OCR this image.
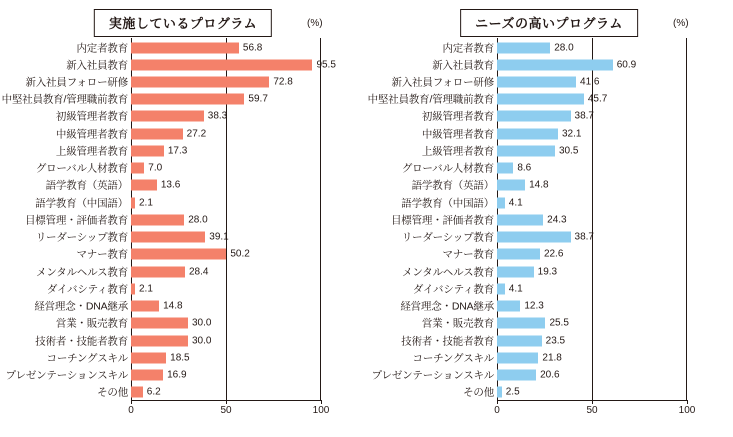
実施しているプログラム	(%)
0	50	100
内定者教育	56.8
新入社員教育	95.5
新入社員フォロー研修	72.8
中堅社員教育/管理職前教育	59.7
初級管理者教育	38.3
中級管理者教育	27.2
上級管理者教育	17.3
グローバル人材教育 7.0
語学教育（英語）	13.6
語学教育（中国語） 2.1
目標管理・評価者教育	28.0
リーダーシップ教育	39.1
マナー教育	50.2
メンタルヘルス教育	28.4
ダイバシティ教育 2.1
経営理念・DNA継承	14.8
営業・販売教育	30.0
技術者・技能者教育	30.0
コーチングスキル	18.5
プレゼンテーションスキル	16.9
その他 6.2
ニーズの高いプログラム	(%)
0	50	100
内定者教育	28.0
新入社員教育	60.9
新入社員フォロー研修	41.6
中堅社員教育/管理職前教育	45.7
初級管理者教育	38.7
中級管理者教育	32.1
上級管理者教育	30.5
グローバル人材教育 8.6
語学教育（英語）	14.8
語学教育（中国語） 4.1
目標管理・評価者教育	24.3
リーダーシップ教育	38.7
マナー教育	22.6
メンタルヘルス教育	19.3
ダイバシティ教育 4.1
経営理念・DNA継承	12.3
営業・販売教育	25.5
技術者・技能者教育	23.5
コーチングスキル	21.8
プレゼンテーションスキル	20.6
その他 2.5
